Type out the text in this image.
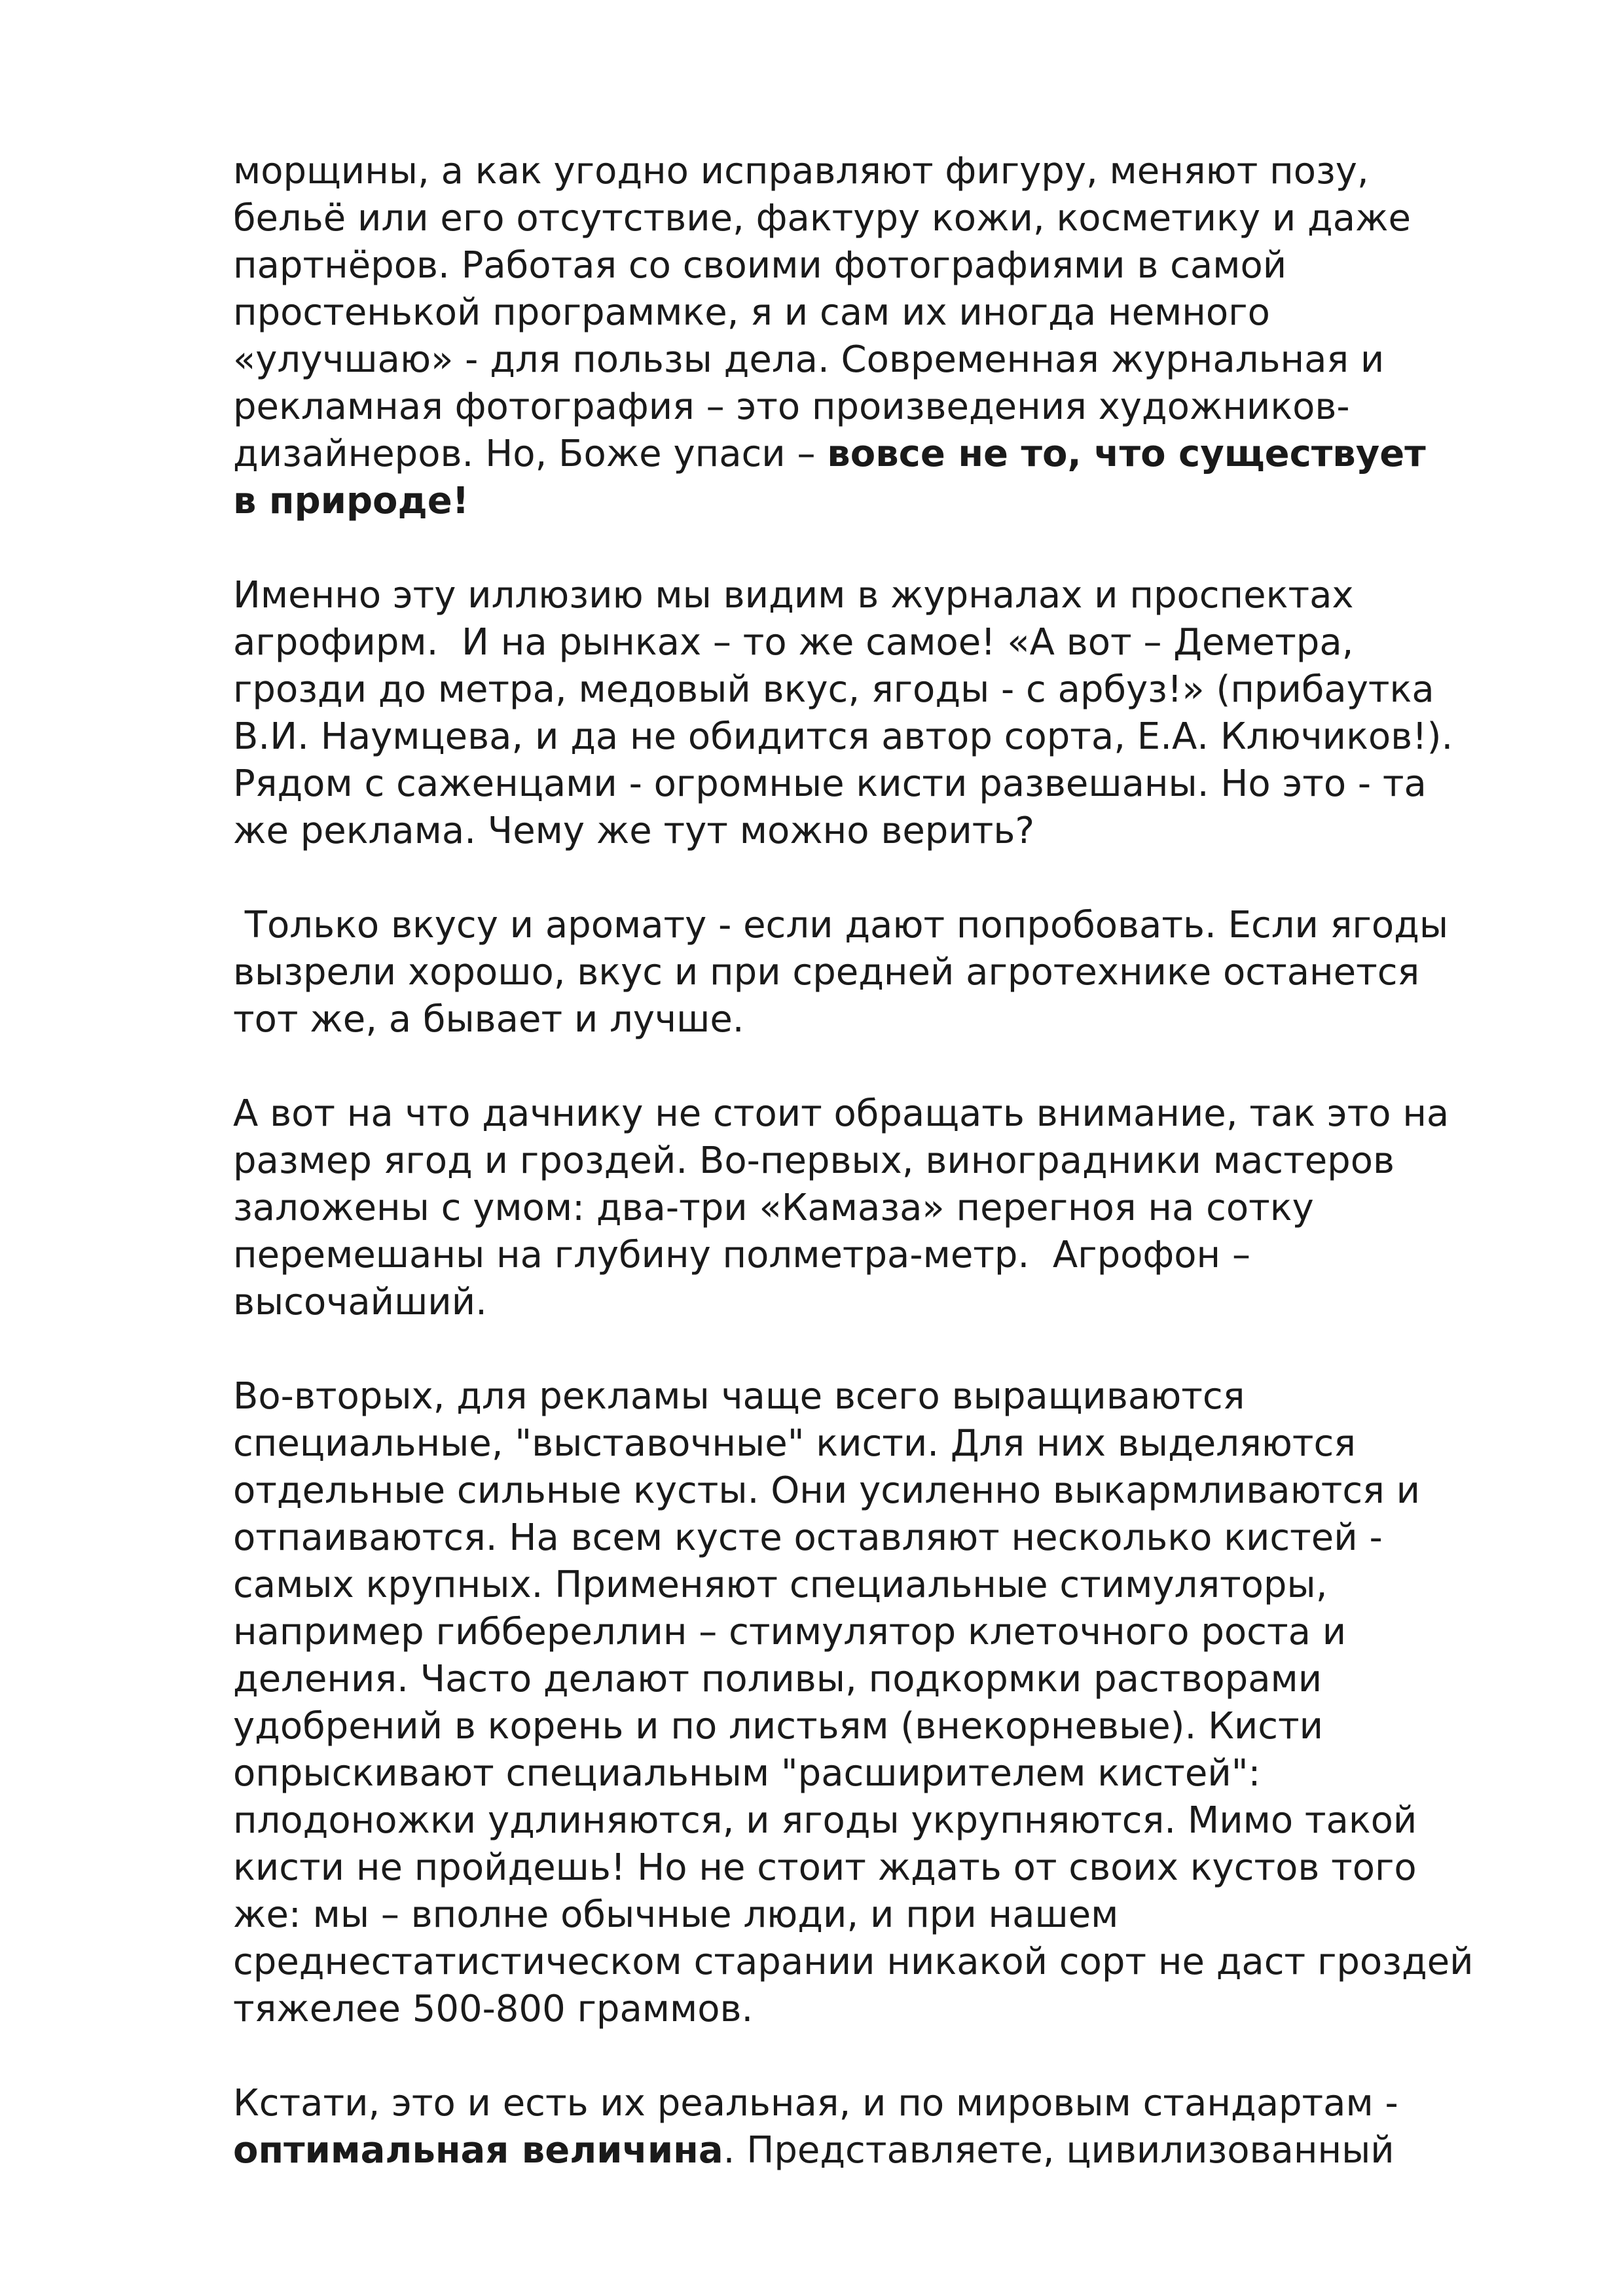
морщины, а как угодно исправляют фигуру, меняют позу,
бельё или его отсутствие, фактуру кожи, косметику и даже
партнёров. Работая со своими фотографиями в самой
простенькой программке, я и сам их иногда немного
«улучшаю» - для пользы дела. Современная журнальная и
рекламная фотография – это произведения художников-
дизайнеров. Но, Боже упаси – вовсе не то, что существует
в природе!

Именно эту иллюзию мы видим в журналах и проспектах
агрофирм.  И на рынках – то же самое! «А вот – Деметра,
грозди до метра, медовый вкус, ягоды - с арбуз!» (прибаутка
В.И. Наумцева, и да не обидится автор сорта, Е.А. Ключиков!).
Рядом с саженцами - огромные кисти развешаны. Но это - та
же реклама. Чему же тут можно верить?

Только вкусу и аромату - если дают попробовать. Если ягоды
вызрели хорошо, вкус и при средней агротехнике останется
тот же, а бывает и лучше.

А вот на что дачнику не стоит обращать внимание, так это на
размер ягод и гроздей. Во-первых, виноградники мастеров
заложены с умом: два-три «Камаза» перегноя на сотку
перемешаны на глубину полметра-метр.  Агрофон –
высочайший.

Во-вторых, для рекламы чаще всего выращиваются
специальные, "выставочные" кисти. Для них выделяются
отдельные сильные кусты. Они усиленно выкармливаются и
отпаиваются. На всем кусте оставляют несколько кистей -
самых крупных. Применяют специальные стимуляторы,
например гиббереллин – стимулятор клеточного роста и
деления. Часто делают поливы, подкормки растворами
удобрений в корень и по листьям (внекорневые). Кисти
опрыскивают специальным "расширителем кистей":
плодоножки удлиняются, и ягоды укрупняются. Мимо такой
кисти не пройдешь! Но не стоит ждать от своих кустов того
же: мы – вполне обычные люди, и при нашем
среднестатистическом старании никакой сорт не даст гроздей
тяжелее 500-800 граммов.

Кстати, это и есть их реальная, и по мировым стандартам -
оптимальная величина. Представляете, цивилизованный
